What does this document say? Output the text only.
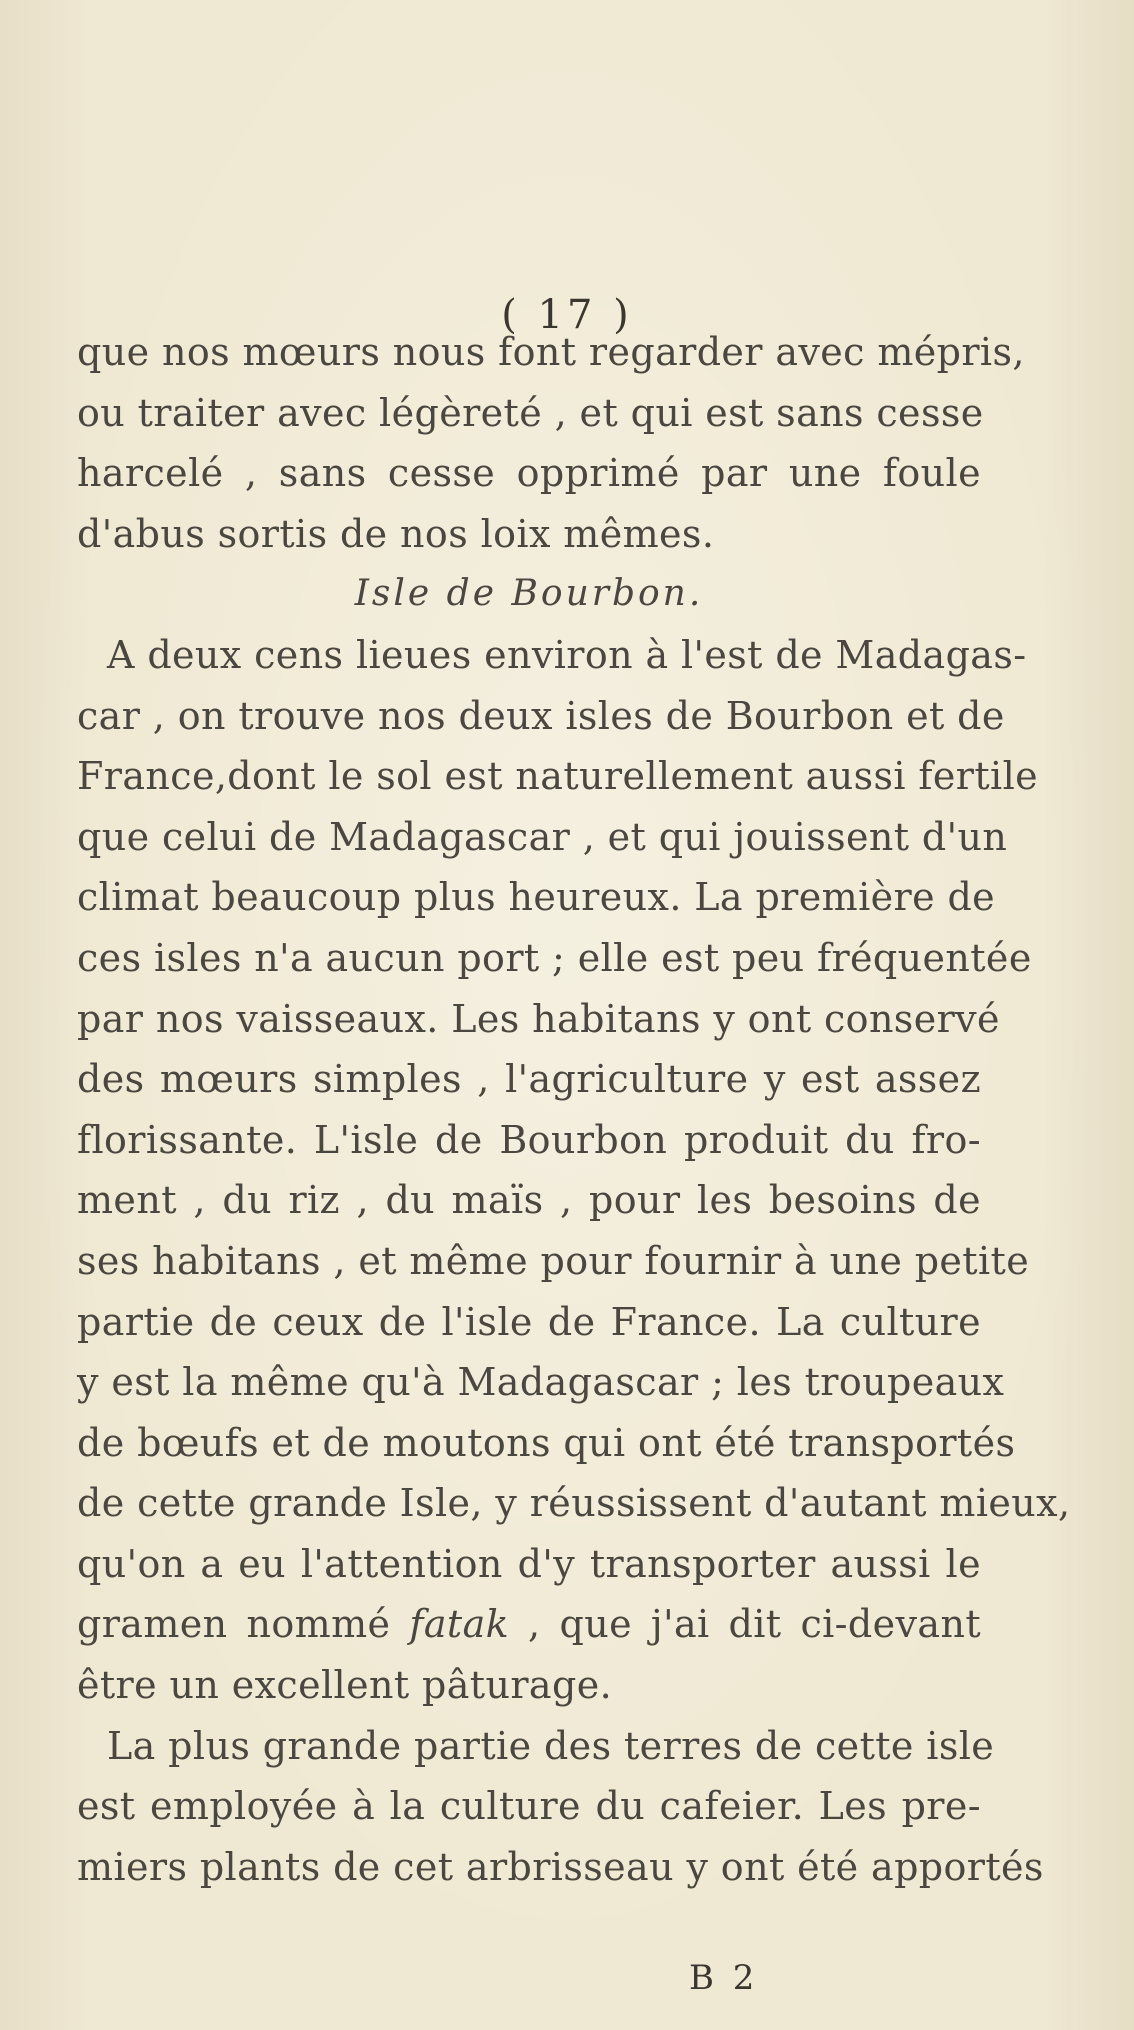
( 17 )
que nos mœurs nous font regarder avec mépris,
ou traiter avec légèreté , et qui est sans cesse
harcelé , sans cesse opprimé par une foule
d'abus sortis de nos loix mêmes.
Isle de Bourbon.
A deux cens lieues environ à l'est de Madagas-
car , on trouve nos deux isles de Bourbon et de
France,dont le sol est naturellement aussi fertile
que celui de Madagascar , et qui jouissent d'un
climat beaucoup plus heureux. La première de
ces isles n'a aucun port ; elle est peu fréquentée
par nos vaisseaux. Les habitans y ont conservé
des mœurs simples , l'agriculture y est assez
florissante. L'isle de Bourbon produit du fro-
ment , du riz , du maïs , pour les besoins de
ses habitans , et même pour fournir à une petite
partie de ceux de l'isle de France. La culture
y est la même qu'à Madagascar ; les troupeaux
de bœufs et de moutons qui ont été transportés
de cette grande Isle, y réussissent d'autant mieux,
qu'on a eu l'attention d'y transporter aussi le
gramen nommé fatak , que j'ai dit ci-devant
être un excellent pâturage.
La plus grande partie des terres de cette isle
est employée à la culture du cafeier. Les pre-
miers plants de cet arbrisseau y ont été apportés
B 2
